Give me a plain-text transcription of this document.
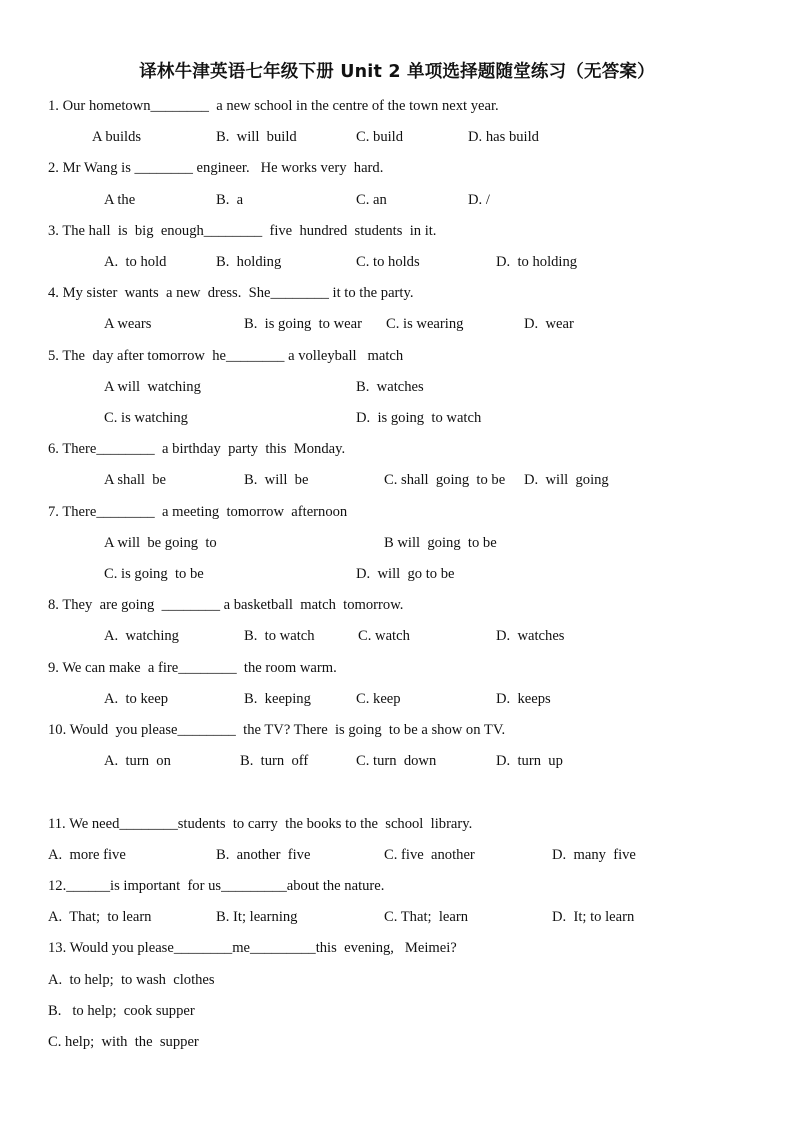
译林牛津英语七年级下册 Unit 2 单项选择题随堂练习（无答案）
1. Our hometown________  a new school in the centre of the town next year.
A builds	B.  will  build	C. build	D. has build
2. Mr Wang is ________ engineer.   He works very  hard.
A the	B.  a	C. an	D. /
3. The hall  is  big  enough________  five  hundred  students  in it.
A.  to hold	B.  holding	C. to holds	D.  to holding
4. My sister  wants  a new  dress.  She________ it to the party.
A wears	B.  is going  to wear C. is wearing	D.  wear
5. The  day after tomorrow  he________ a volleyball   match
A will  watching	B.  watches
C. is watching	D.  is going  to watch
6. There________  a birthday  party  this  Monday.
A shall  be	B.  will  be	C. shall  going  to be D.  will  going
7. There________  a meeting  tomorrow  afternoon
A will  be going  to	B will  going  to be
C. is going  to be	D.  will  go to be
8. They  are going  ________ a basketball  match  tomorrow.
A.  watching	B.  to watch	C. watch	D.  watches
9. We can make  a fire________  the room warm.
A.  to keep	B.  keeping	C. keep	D.  keeps
10. Would  you please________  the TV? There  is going  to be a show on TV.
A.  turn  on	B.  turn  off	C. turn  down	D.  turn  up
11. We need________students  to carry  the books to the  school  library.
A.  more five	B.  another  five	C. five  another	D.  many  five
12.______is important  for us_________about the nature.
A.  That;  to learn	B. It; learning	C. That;  learn	D.  It; to learn
13. Would you please________me_________this  evening,   Meimei?
A.  to help;  to wash  clothes
B.   to help;  cook supper
C. help;  with  the  supper
